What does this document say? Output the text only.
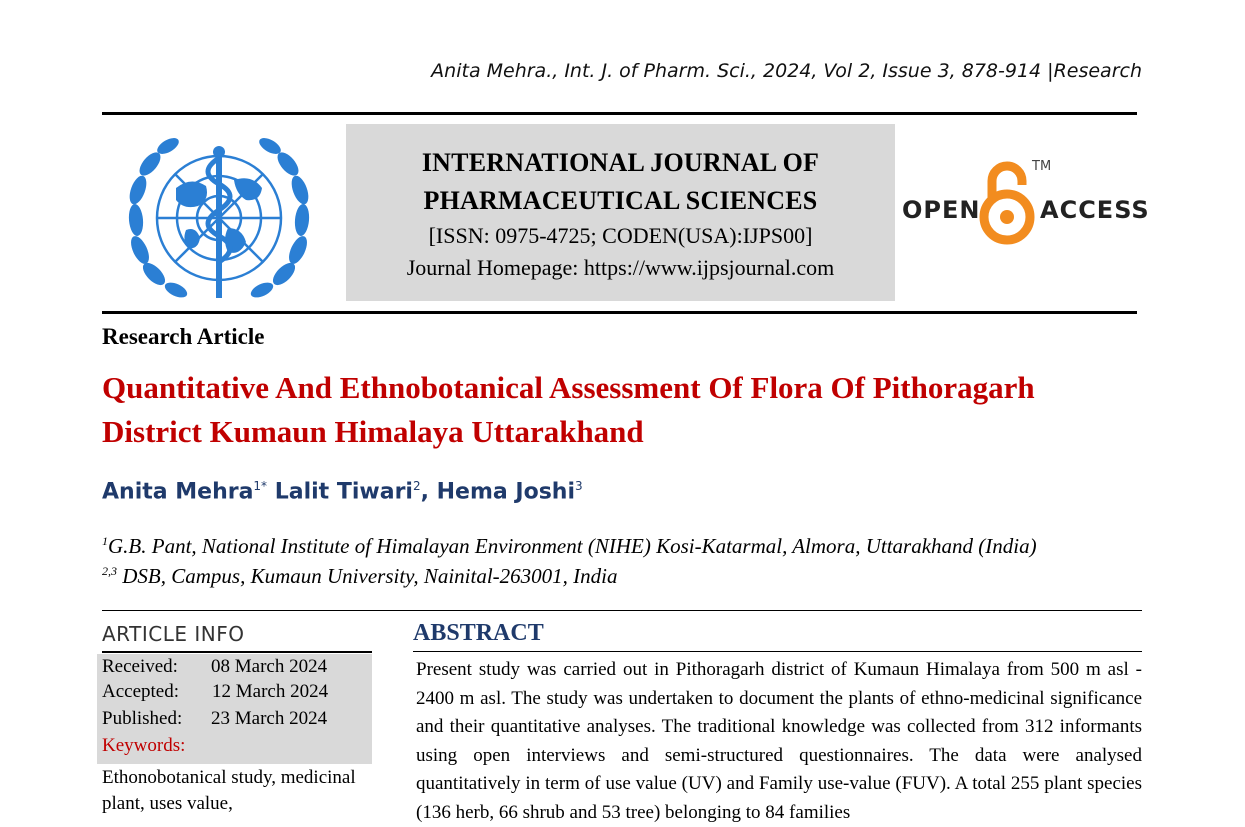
Anita Mehra., Int. J. of Pharm. Sci., 2024, Vol 2, Issue 3, 878-914 |Research
INTERNATIONAL JOURNAL OF
PHARMACEUTICAL SCIENCES
[ISSN: 0975-4725; CODEN(USA):IJPS00]
Journal Homepage: https://www.ijpsjournal.com
OPEN
TM
ACCESS
Research Article
Quantitative And Ethnobotanical Assessment Of Flora Of Pithoragarh District Kumaun Himalaya Uttarakhand
Anita Mehra$^{1*}$ Lalit Tiwari$^2$, Hema Joshi$^3$
$^1$G.B. Pant, National Institute of Himalayan Environment (NIHE) Kosi-Katarmal, Almora, Uttarakhand (India)
$^{2,3}$ DSB, Campus, Kumaun University, Nainital-263001, India
ARTICLE INFO
Received: 08 March 2024
Accepted: 12 March 2024
Published: 23 March 2024
Keywords:
Ethonobotanical study, medicinal plant, uses value,
ABSTRACT
Present study was carried out in Pithoragarh district of Kumaun Himalaya from 500 m asl - 2400 m asl. The study was undertaken to document the plants of ethno-medicinal significance and their quantitative analyses. The traditional knowledge was collected from 312 informants using open interviews and semi-structured questionnaires. The data were analysed quantitatively in term of use value (UV) and Family use-value (FUV). A total 255 plant species (136 herb, 66 shrub and 53 tree) belonging to 84 families
